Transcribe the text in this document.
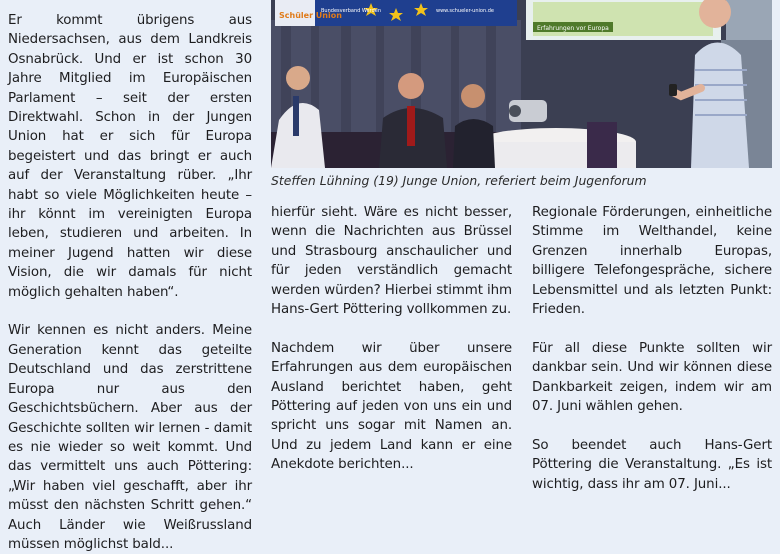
Er kommt übrigens aus Niedersachsen, aus dem Landkreis Osnabrück. Und er ist schon 30 Jahre Mitglied im Europäischen Parlament – seit der ersten Direktwahl. Schon in der Jungen Union hat er sich für Europa begeistert und das bringt er auch auf der Veranstaltung rüber. „Ihr habt so viele Möglichkeiten heute – ihr könnt im vereinigten Europa leben, studieren und arbeiten. In meiner Jugend hatten wir diese Vision, die wir damals für nicht möglich gehalten haben“.

Wir kennen es nicht anders. Meine Generation kennt das geteilte Deutschland und das zerstrittene Europa nur aus den Geschichtsbüchern. Aber aus der Geschichte sollten wir lernen - damit es nie wieder so weit kommt. Und das vermittelt uns auch Pöttering: „Wir haben viel geschafft, aber ihr müsst den nächsten Schritt gehen.“ Auch Länder wie Weißrussland müssen möglichst bald...

Schüler Union
Bundesverband Werden	www.schueler-union.de
Erfahrungen vor Europa
Steffen Lühning (19) Junge Union, referiert beim Jugenforum

hierfür sieht. Wäre es nicht besser, wenn die Nachrichten aus Brüssel und Strasbourg anschaulicher und für jeden verständlich gemacht werden würden? Hierbei stimmt ihm Hans-Gert Pöttering vollkommen zu.

Nachdem wir über unsere Erfahrungen aus dem europäischen Ausland berichtet haben, geht Pöttering auf jeden von uns ein und spricht uns sogar mit Namen an. Und zu jedem Land kann er eine Anekdote berichten...

Regionale Förderungen, einheitliche Stimme im Welthandel, keine Grenzen innerhalb Europas, billigere Telefongespräche, sichere Lebensmittel und als letzten Punkt: Frieden.

Für all diese Punkte sollten wir dankbar sein. Und wir können diese Dankbarkeit zeigen, indem wir am 07. Juni wählen gehen.

So beendet auch Hans-Gert Pöttering die Veranstaltung. „Es ist wichtig, dass ihr am 07. Juni...
